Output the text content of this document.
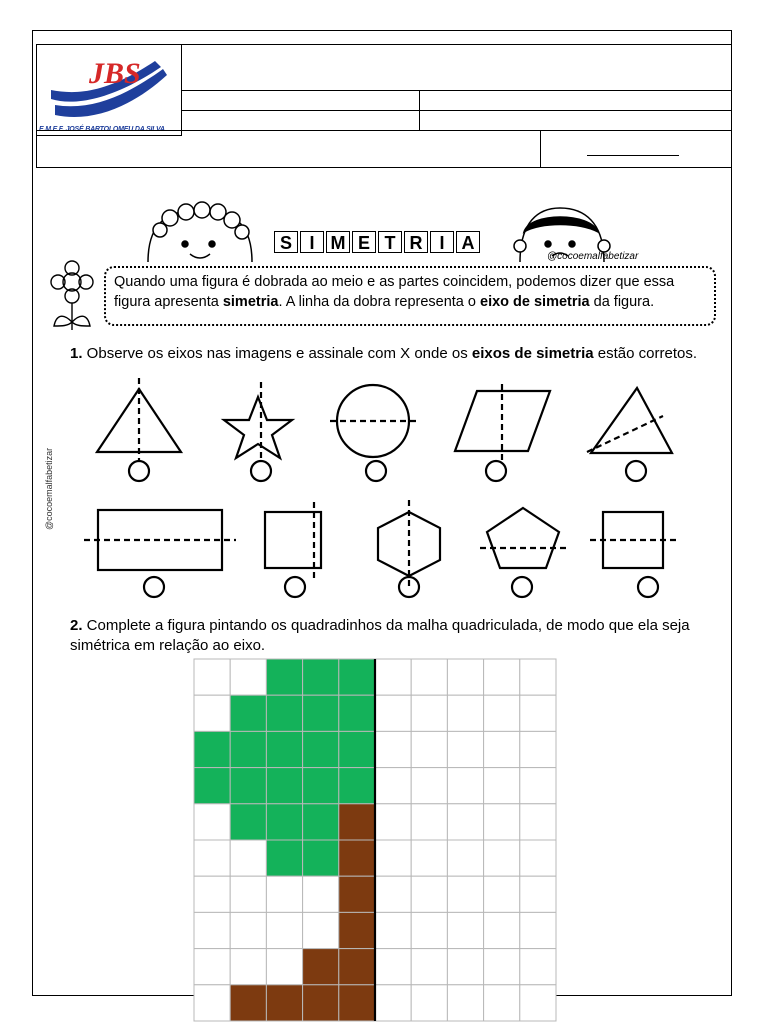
JBS
E.M.E.F. JOSÉ BARTOLOMEU DA SILVA
S I M E T R I A
@cocoemalfabetizar
Quando uma figura é dobrada ao meio e as partes coincidem, podemos dizer que essa figura apresenta simetria. A linha da dobra representa o eixo de simetria da figura.
1. Observe os eixos nas imagens e assinale com X onde os eixos de simetria estão corretos.
@cocoemalfabetizar
2. Complete a figura pintando os quadradinhos da malha quadriculada, de modo que ela seja simétrica em relação ao eixo.
